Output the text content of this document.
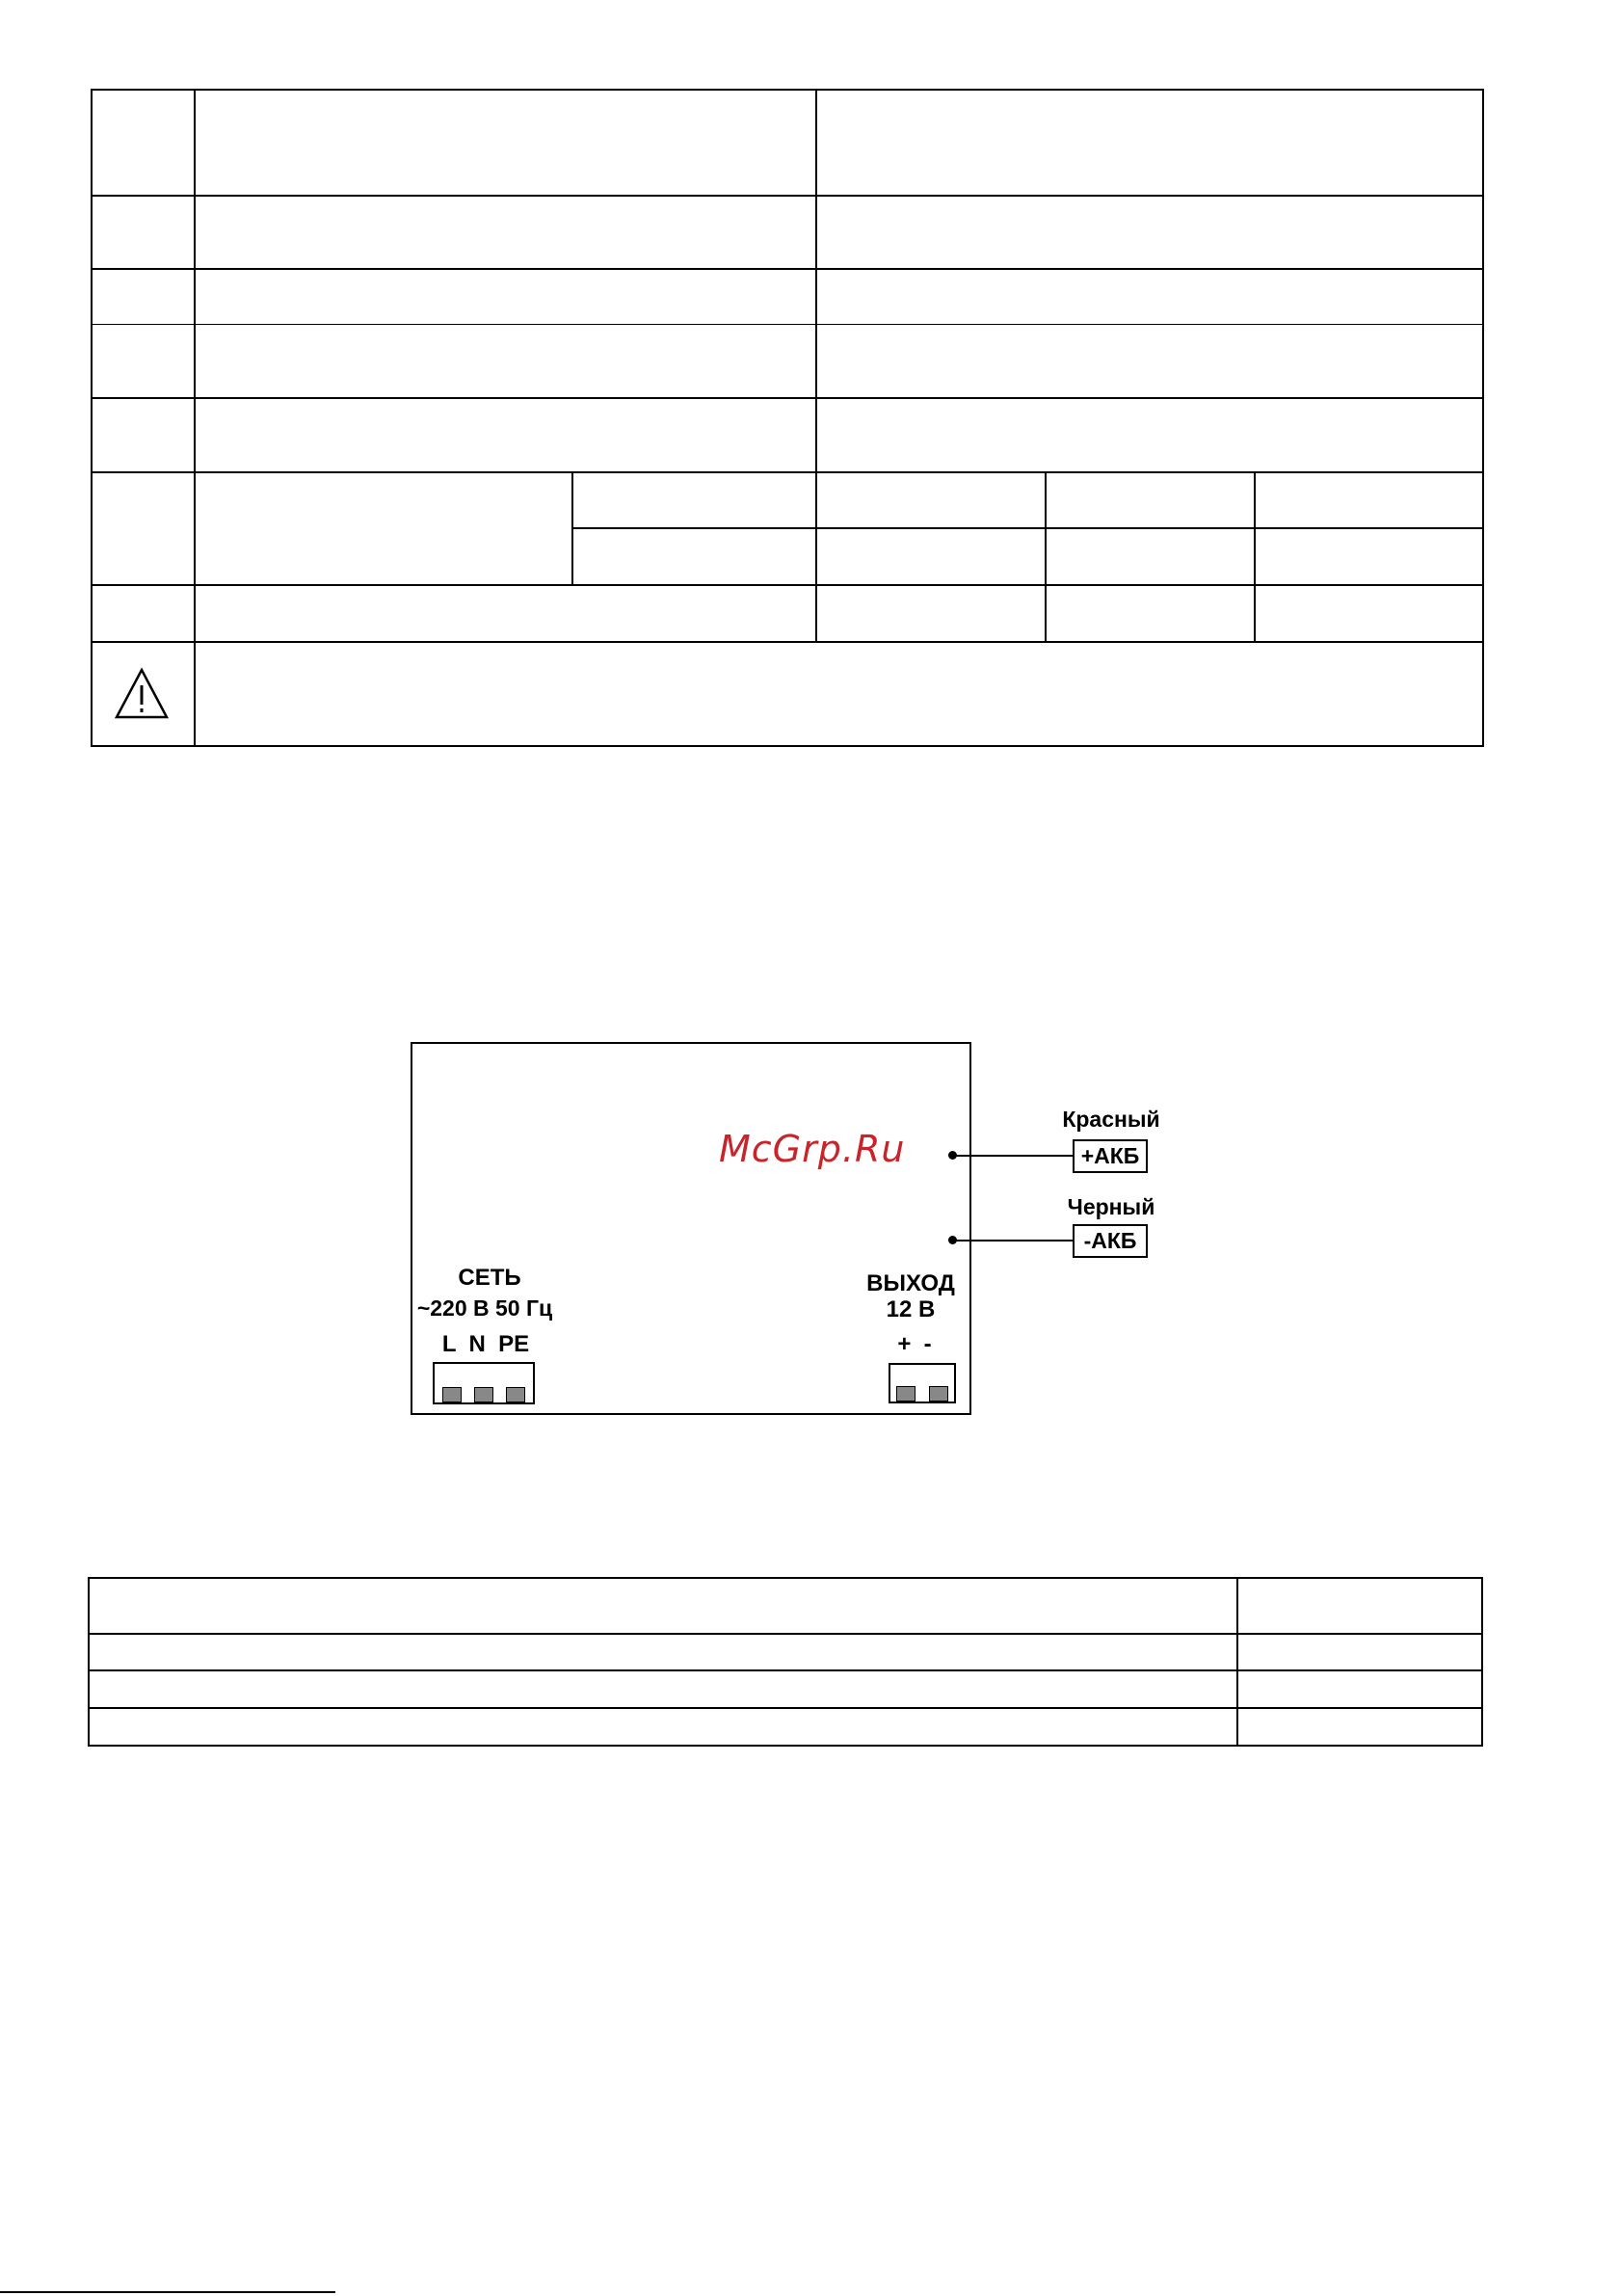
McGrp.Ru
Красный
+АКБ
Черный
-АКБ
СЕТЬ
~220 В 50 Гц
L  N  PE
ВЫХОД
12 В
+  -
